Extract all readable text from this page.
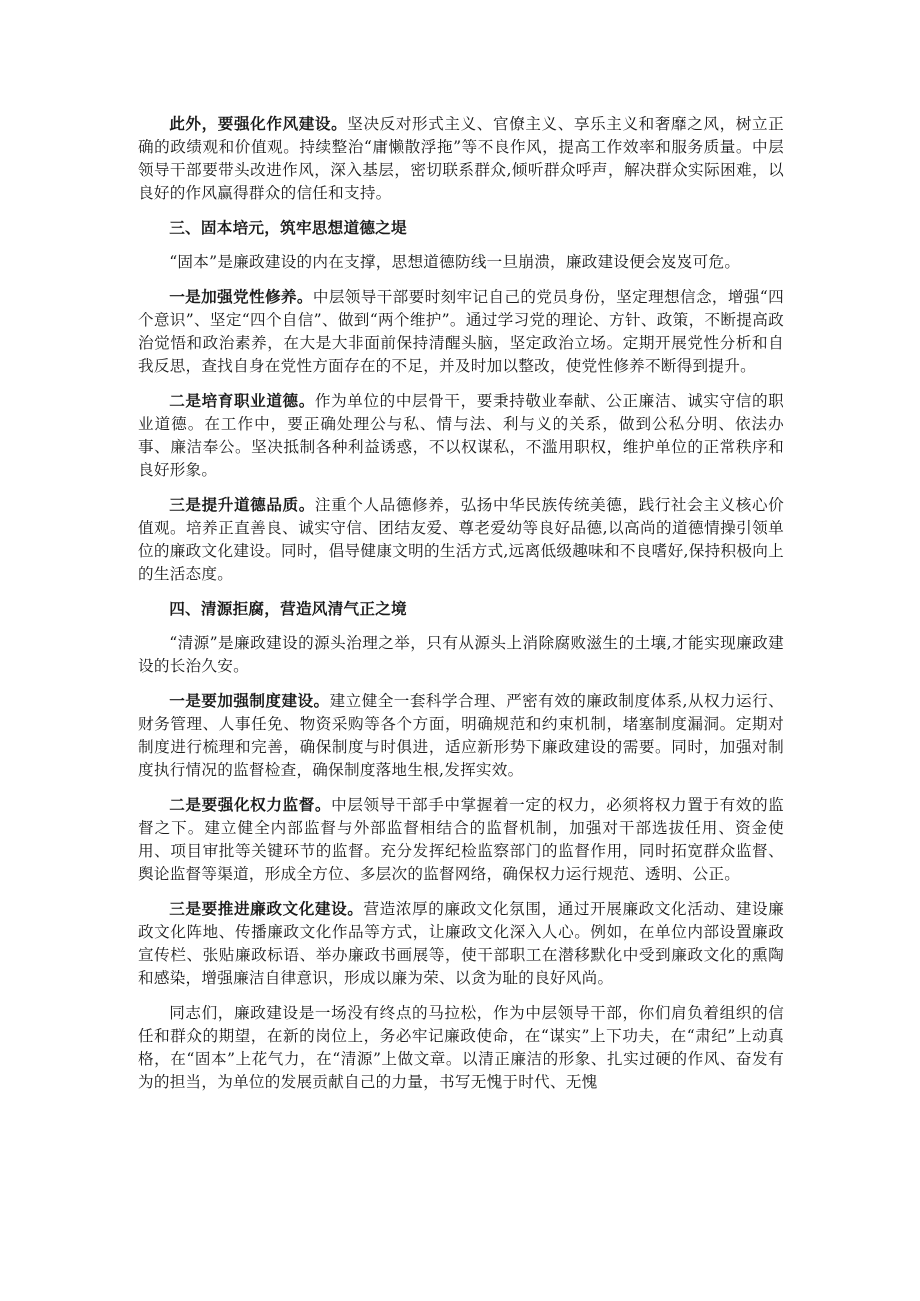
此外，要强化作风建设。坚决反对形式主义、官僚主义、享乐主义和奢靡之风，树立正确的政绩观和价值观。持续整治“庸懒散浮拖”等不良作风，提高工作效率和服务质量。中层领导干部要带头改进作风，深入基层，密切联系群众,倾听群众呼声，解决群众实际困难，以良好的作风赢得群众的信任和支持。

三、固本培元，筑牢思想道德之堤

“固本”是廉政建设的内在支撑，思想道德防线一旦崩溃，廉政建设便会岌岌可危。

一是加强党性修养。中层领导干部要时刻牢记自己的党员身份，坚定理想信念，增强“四个意识”、坚定“四个自信”、做到“两个维护”。通过学习党的理论、方针、政策，不断提高政治觉悟和政治素养，在大是大非面前保持清醒头脑，坚定政治立场。定期开展党性分析和自我反思，查找自身在党性方面存在的不足，并及时加以整改，使党性修养不断得到提升。

二是培育职业道德。作为单位的中层骨干，要秉持敬业奉献、公正廉洁、诚实守信的职业道德。在工作中，要正确处理公与私、情与法、利与义的关系，做到公私分明、依法办事、廉洁奉公。坚决抵制各种利益诱惑，不以权谋私，不滥用职权，维护单位的正常秩序和良好形象。

三是提升道德品质。注重个人品德修养，弘扬中华民族传统美德，践行社会主义核心价值观。培养正直善良、诚实守信、团结友爱、尊老爱幼等良好品德,以高尚的道德情操引领单位的廉政文化建设。同时，倡导健康文明的生活方式,远离低级趣味和不良嗜好,保持积极向上的生活态度。

四、清源拒腐，营造风清气正之境

“清源”是廉政建设的源头治理之举，只有从源头上消除腐败滋生的土壤,才能实现廉政建设的长治久安。

一是要加强制度建设。建立健全一套科学合理、严密有效的廉政制度体系,从权力运行、财务管理、人事任免、物资采购等各个方面，明确规范和约束机制，堵塞制度漏洞。定期对制度进行梳理和完善，确保制度与时俱进，适应新形势下廉政建设的需要。同时，加强对制度执行情况的监督检查，确保制度落地生根,发挥实效。

二是要强化权力监督。中层领导干部手中掌握着一定的权力，必须将权力置于有效的监督之下。建立健全内部监督与外部监督相结合的监督机制，加强对干部选拔任用、资金使用、项目审批等关键环节的监督。充分发挥纪检监察部门的监督作用，同时拓宽群众监督、舆论监督等渠道，形成全方位、多层次的监督网络，确保权力运行规范、透明、公正。

三是要推进廉政文化建设。营造浓厚的廉政文化氛围，通过开展廉政文化活动、建设廉政文化阵地、传播廉政文化作品等方式，让廉政文化深入人心。例如，在单位内部设置廉政宣传栏、张贴廉政标语、举办廉政书画展等，使干部职工在潜移默化中受到廉政文化的熏陶和感染，增强廉洁自律意识，形成以廉为荣、以贪为耻的良好风尚。

同志们，廉政建设是一场没有终点的马拉松，作为中层领导干部，你们肩负着组织的信任和群众的期望，在新的岗位上，务必牢记廉政使命，在“谋实”上下功夫，在“肃纪”上动真格，在“固本”上花气力，在“清源”上做文章。以清正廉洁的形象、扎实过硬的作风、奋发有为的担当，为单位的发展贡献自己的力量，书写无愧于时代、无愧
